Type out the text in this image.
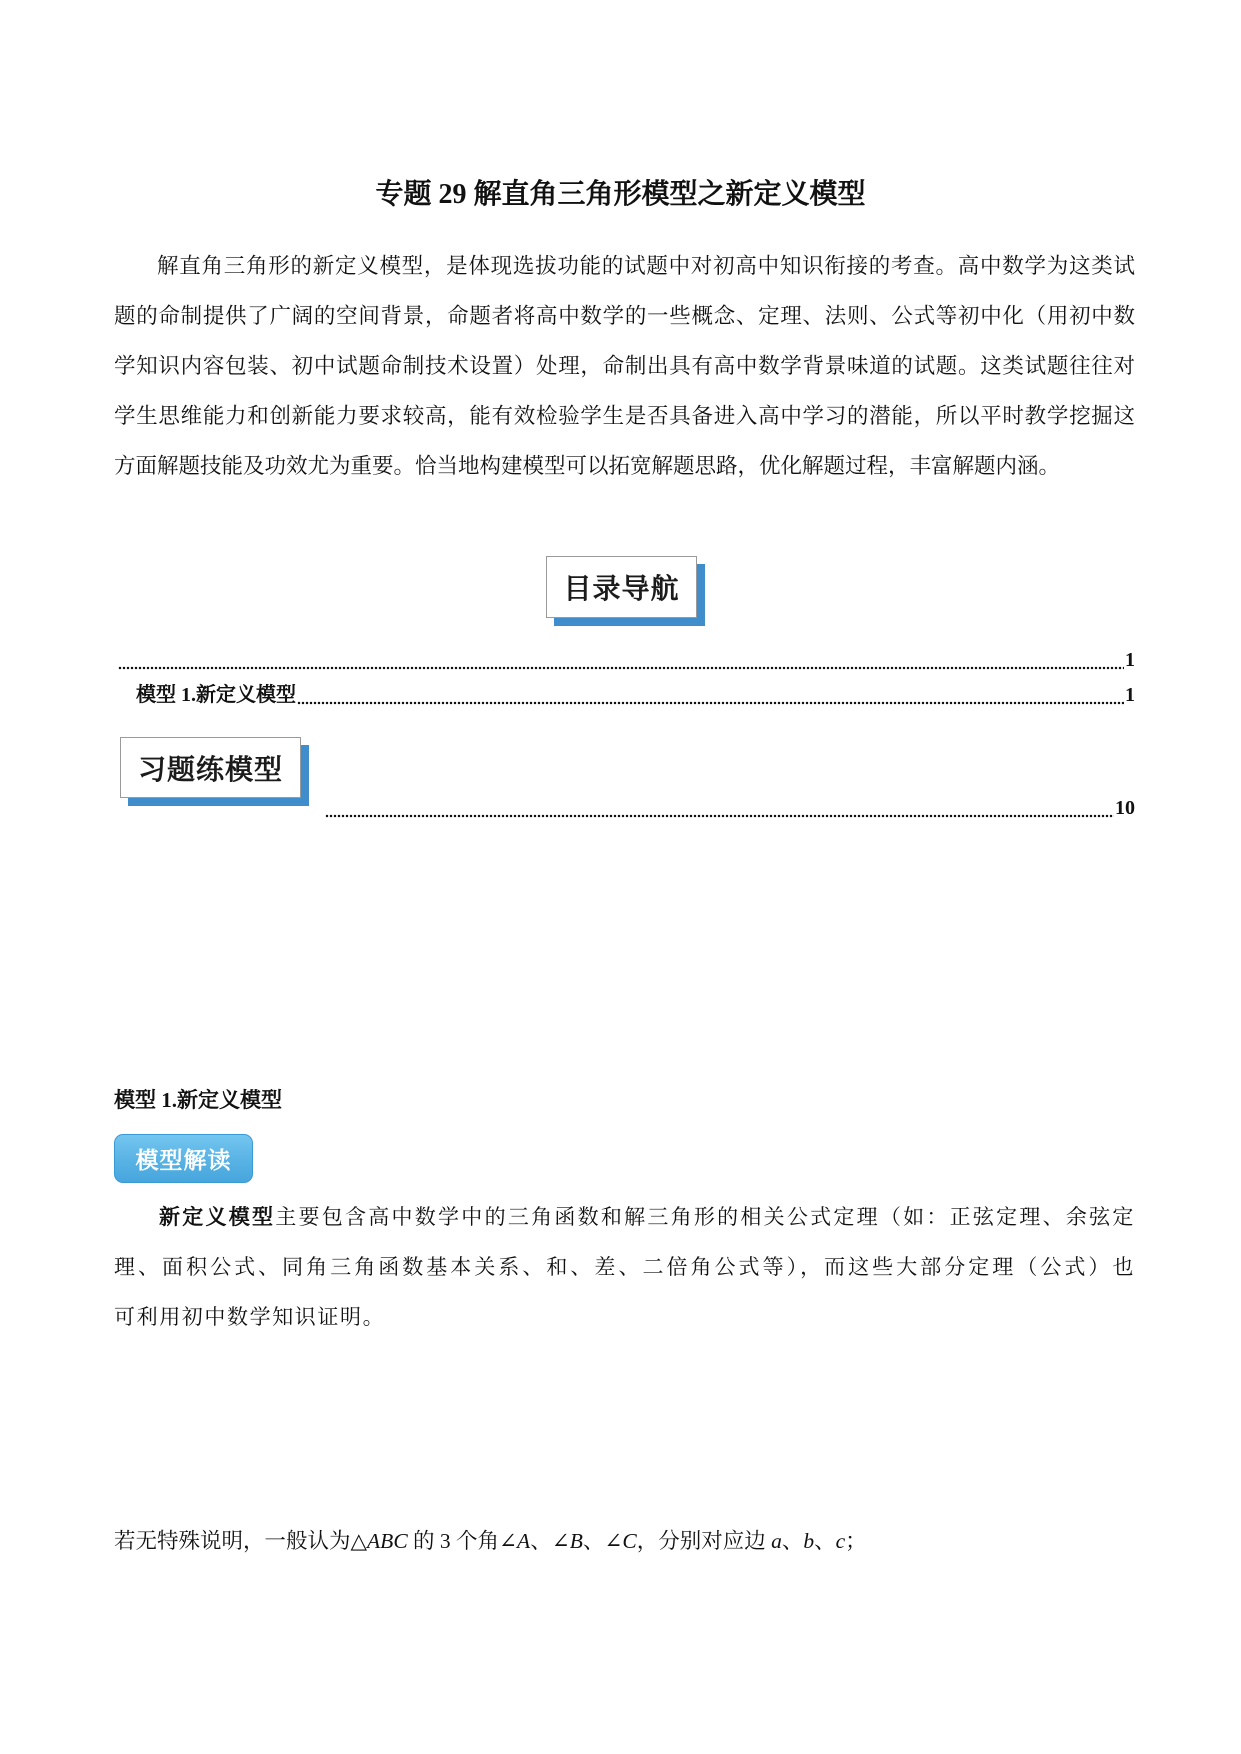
专题 29 解直角三角形模型之新定义模型
解直角三角形的新定义模型，是体现选拔功能的试题中对初高中知识衔接的考查。高中数学为这类试
题的命制提供了广阔的空间背景，命题者将高中数学的一些概念、定理、法则、公式等初中化（用初中数
学知识内容包装、初中试题命制技术设置）处理，命制出具有高中数学背景味道的试题。这类试题往往对
学生思维能力和创新能力要求较高，能有效检验学生是否具备进入高中学习的潜能，所以平时教学挖掘这
方面解题技能及功效尤为重要。恰当地构建模型可以拓宽解题思路，优化解题过程，丰富解题内涵。
目录导航
1
模型 1.新定义模型	1
习题练模型
10
模型 1.新定义模型
模型解读
新定义模型主要包含高中数学中的三角函数和解三角形的相关公式定理（如：正弦定理、余弦定
理、面积公式、同角三角函数基本关系、和、差、二倍角公式等），而这些大部分定理（公式）也
可利用初中数学知识证明。
若无特殊说明，一般认为△ABC 的 3 个角∠A、∠B、∠C，分别对应边 a、b、c；
